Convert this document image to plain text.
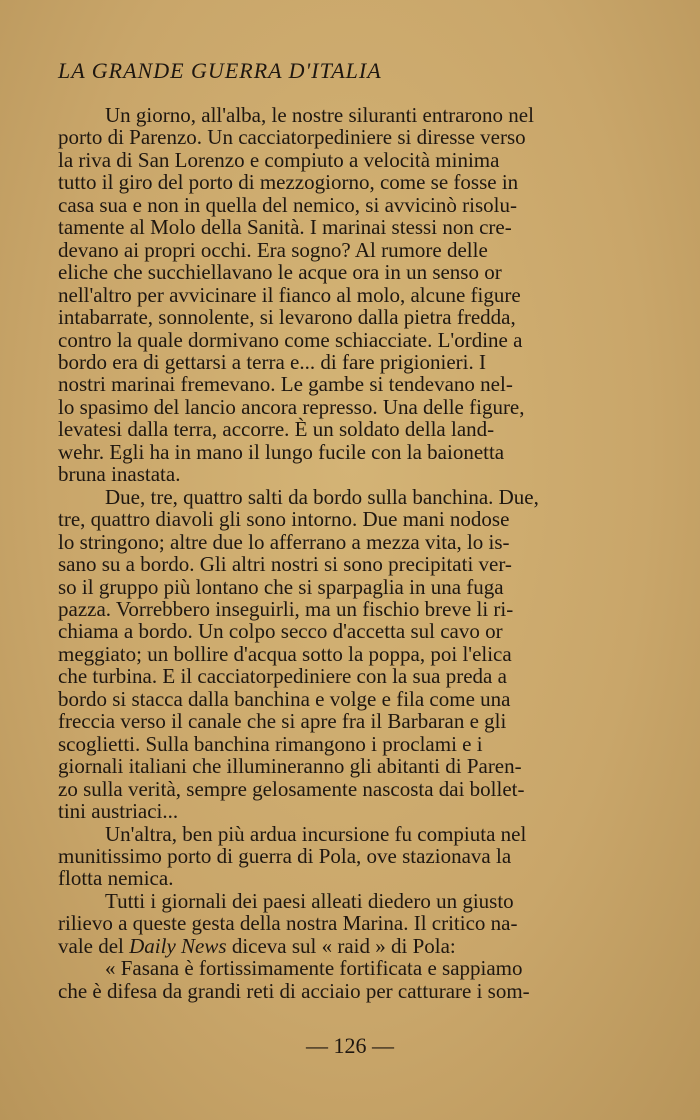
LA GRANDE GUERRA D'ITALIA
Un giorno, all'alba, le nostre siluranti entrarono nel
porto di Parenzo. Un cacciatorpediniere si diresse verso
la riva di San Lorenzo e compiuto a velocità minima
tutto il giro del porto di mezzogiorno, come se fosse in
casa sua e non in quella del nemico, si avvicinò risolu-
tamente al Molo della Sanità. I marinai stessi non cre-
devano ai propri occhi. Era sogno? Al rumore delle
eliche che succhiellavano le acque ora in un senso or
nell'altro per avvicinare il fianco al molo, alcune figure
intabarrate, sonnolente, si levarono dalla pietra fredda,
contro la quale dormivano come schiacciate. L'ordine a
bordo era di gettarsi a terra e... di fare prigionieri. I
nostri marinai fremevano. Le gambe si tendevano nel-
lo spasimo del lancio ancora represso. Una delle figure,
levatesi dalla terra, accorre. È un soldato della land-
wehr. Egli ha in mano il lungo fucile con la baionetta
bruna inastata.
Due, tre, quattro salti da bordo sulla banchina. Due,
tre, quattro diavoli gli sono intorno. Due mani nodose
lo stringono; altre due lo afferrano a mezza vita, lo is-
sano su a bordo. Gli altri nostri si sono precipitati ver-
so il gruppo più lontano che si sparpaglia in una fuga
pazza. Vorrebbero inseguirli, ma un fischio breve li ri-
chiama a bordo. Un colpo secco d'accetta sul cavo or
meggiato; un bollire d'acqua sotto la poppa, poi l'elica
che turbina. E il cacciatorpediniere con la sua preda a
bordo si stacca dalla banchina e volge e fila come una
freccia verso il canale che si apre fra il Barbaran e gli
scoglietti. Sulla banchina rimangono i proclami e i
giornali italiani che illumineranno gli abitanti di Paren-
zo sulla verità, sempre gelosamente nascosta dai bollet-
tini austriaci...
Un'altra, ben più ardua incursione fu compiuta nel
munitissimo porto di guerra di Pola, ove stazionava la
flotta nemica.
Tutti i giornali dei paesi alleati diedero un giusto
rilievo a queste gesta della nostra Marina. Il critico na-
vale del Daily News diceva sul « raid » di Pola:
« Fasana è fortissimamente fortificata e sappiamo
che è difesa da grandi reti di acciaio per catturare i som-
— 126 —
